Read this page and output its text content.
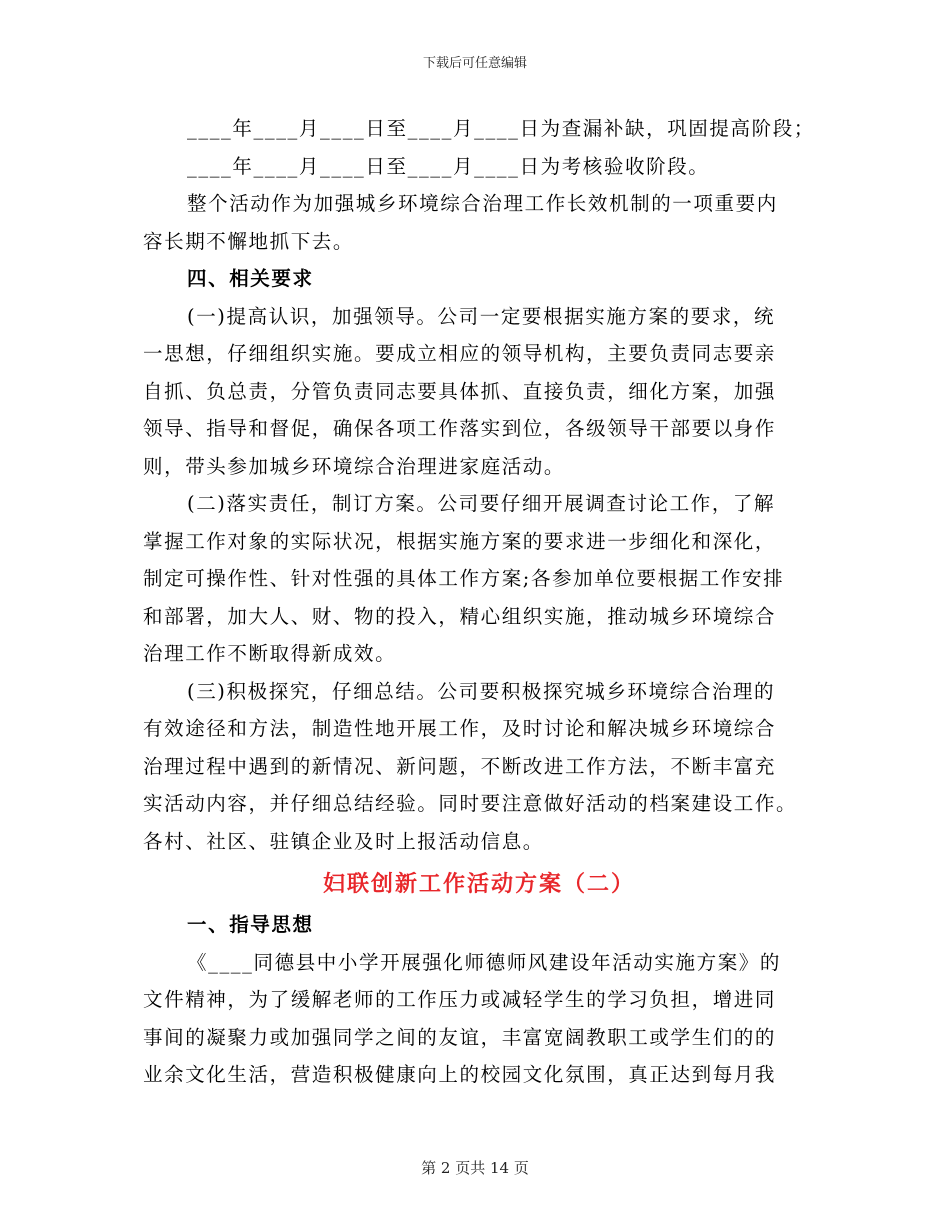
下载后可任意编辑
____年____月____日至____月____日为查漏补缺，巩固提高阶段；
____年____月____日至____月____日为考核验收阶段。
整个活动作为加强城乡环境综合治理工作长效机制的一项重要内
容长期不懈地抓下去。
四、相关要求
(一)提高认识，加强领导。公司一定要根据实施方案的要求，统
一思想，仔细组织实施。要成立相应的领导机构，主要负责同志要亲
自抓、负总责，分管负责同志要具体抓、直接负责，细化方案，加强
领导、指导和督促，确保各项工作落实到位，各级领导干部要以身作
则，带头参加城乡环境综合治理进家庭活动。
(二)落实责任，制订方案。公司要仔细开展调查讨论工作，了解
掌握工作对象的实际状况，根据实施方案的要求进一步细化和深化，
制定可操作性、针对性强的具体工作方案;各参加单位要根据工作安排
和部署，加大人、财、物的投入，精心组织实施，推动城乡环境综合
治理工作不断取得新成效。
(三)积极探究，仔细总结。公司要积极探究城乡环境综合治理的
有效途径和方法，制造性地开展工作，及时讨论和解决城乡环境综合
治理过程中遇到的新情况、新问题，不断改进工作方法，不断丰富充
实活动内容，并仔细总结经验。同时要注意做好活动的档案建设工作。
各村、社区、驻镇企业及时上报活动信息。
妇联创新工作活动方案（二）
一、指导思想
《____同德县中小学开展强化师德师风建设年活动实施方案》的
文件精神，为了缓解老师的工作压力或减轻学生的学习负担，增进同
事间的凝聚力或加强同学之间的友谊，丰富宽阔教职工或学生们的的
业余文化生活，营造积极健康向上的校园文化氛围，真正达到每月我
第 2 页共 14 页
